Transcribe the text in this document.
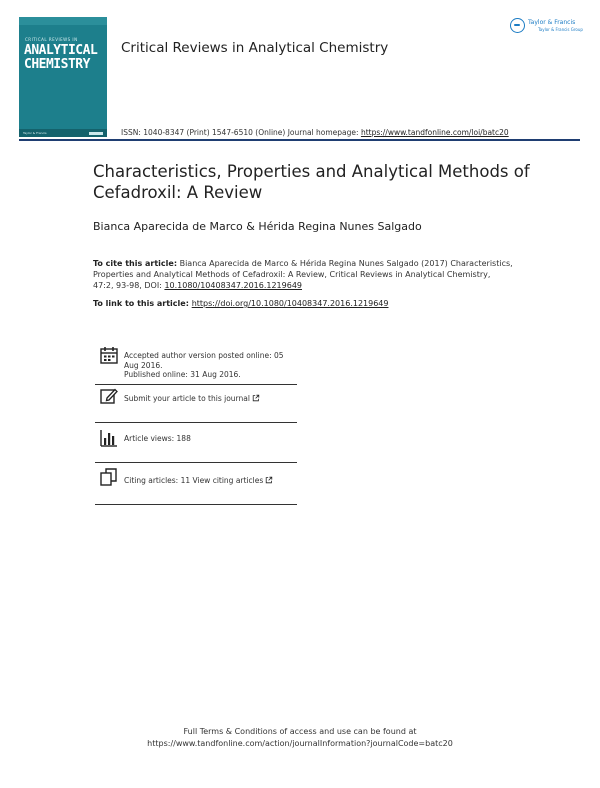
CRITICAL REVIEWS IN
ANALYTICAL
CHEMISTRY
Taylor & Francis
Taylor & Francis
Taylor & Francis Group
Critical Reviews in Analytical Chemistry
ISSN: 1040-8347 (Print) 1547-6510 (Online) Journal homepage: https://www.tandfonline.com/loi/batc20
Characteristics, Properties and Analytical Methods of Cefadroxil: A Review
Bianca Aparecida de Marco & Hérida Regina Nunes Salgado
To cite this article: Bianca Aparecida de Marco & Hérida Regina Nunes Salgado (2017) Characteristics, Properties and Analytical Methods of Cefadroxil: A Review, Critical Reviews in Analytical Chemistry, 47:2, 93-98, DOI: 10.1080/10408347.2016.1219649
To link to this article: https://doi.org/10.1080/10408347.2016.1219649
Accepted author version posted online: 05 Aug 2016.
Published online: 31 Aug 2016.
Submit your article to this journal
Article views: 188
Citing articles: 11 View citing articles
Full Terms & Conditions of access and use can be found at
https://www.tandfonline.com/action/journalInformation?journalCode=batc20
